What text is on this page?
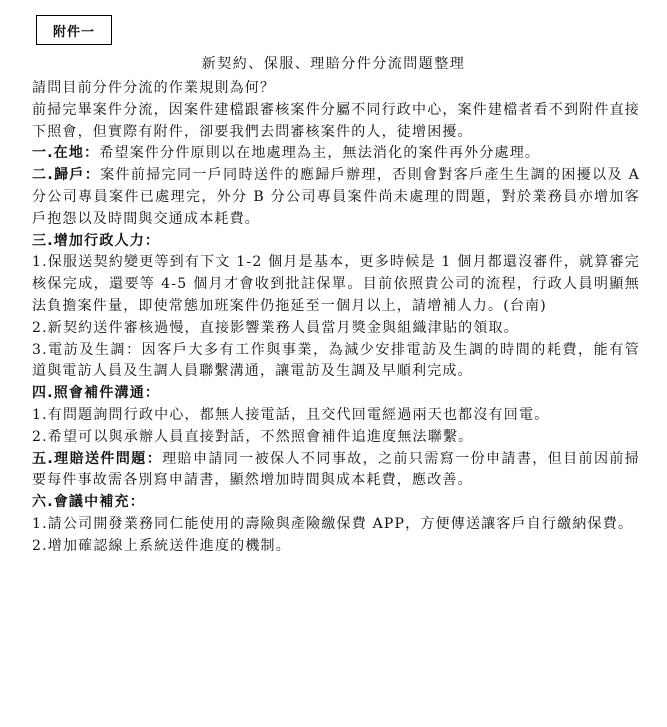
附件一
新契約、保服、理賠分件分流問題整理

請問目前分件分流的作業規則為何？

前掃完畢案件分流，因案件建檔跟審核案件分屬不同行政中心，案件建檔者看不到附件直接下照會，但實際有附件，卻要我們去問審核案件的人，徒增困擾。

一.在地：希望案件分件原則以在地處理為主，無法消化的案件再外分處理。

二.歸戶：案件前掃完同一戶同時送件的應歸戶辦理，否則會對客戶產生生調的困擾以及 A 分公司專員案件已處理完，外分 B 分公司專員案件尚未處理的問題，對於業務員亦增加客戶抱怨以及時間與交通成本耗費。

三.增加行政人力：

1.保服送契約變更等到有下文 1-2 個月是基本，更多時候是 1 個月都還沒審件，就算審完核保完成，還要等 4-5 個月才會收到批註保單。目前依照貴公司的流程，行政人員明顯無法負擔案件量，即使常態加班案件仍拖延至一個月以上，請增補人力。(台南)

2.新契約送件審核過慢，直接影響業務人員當月獎金與組織津貼的領取。

3.電訪及生調：因客戶大多有工作與事業，為減少安排電訪及生調的時間的耗費，能有管道與電訪人員及生調人員聯繫溝通，讓電訪及生調及早順利完成。

四.照會補件溝通：

1.有問題詢問行政中心，都無人接電話，且交代回電經過兩天也都沒有回電。

2.希望可以與承辦人員直接對話，不然照會補件追進度無法聯繫。

五.理賠送件問題：理賠申請同一被保人不同事故，之前只需寫一份申請書，但目前因前掃要每件事故需各別寫申請書，顯然增加時間與成本耗費，應改善。

六.會議中補充：

1.請公司開發業務同仁能使用的壽險與產險繳保費 APP，方便傳送讓客戶自行繳納保費。

2.增加確認線上系統送件進度的機制。
